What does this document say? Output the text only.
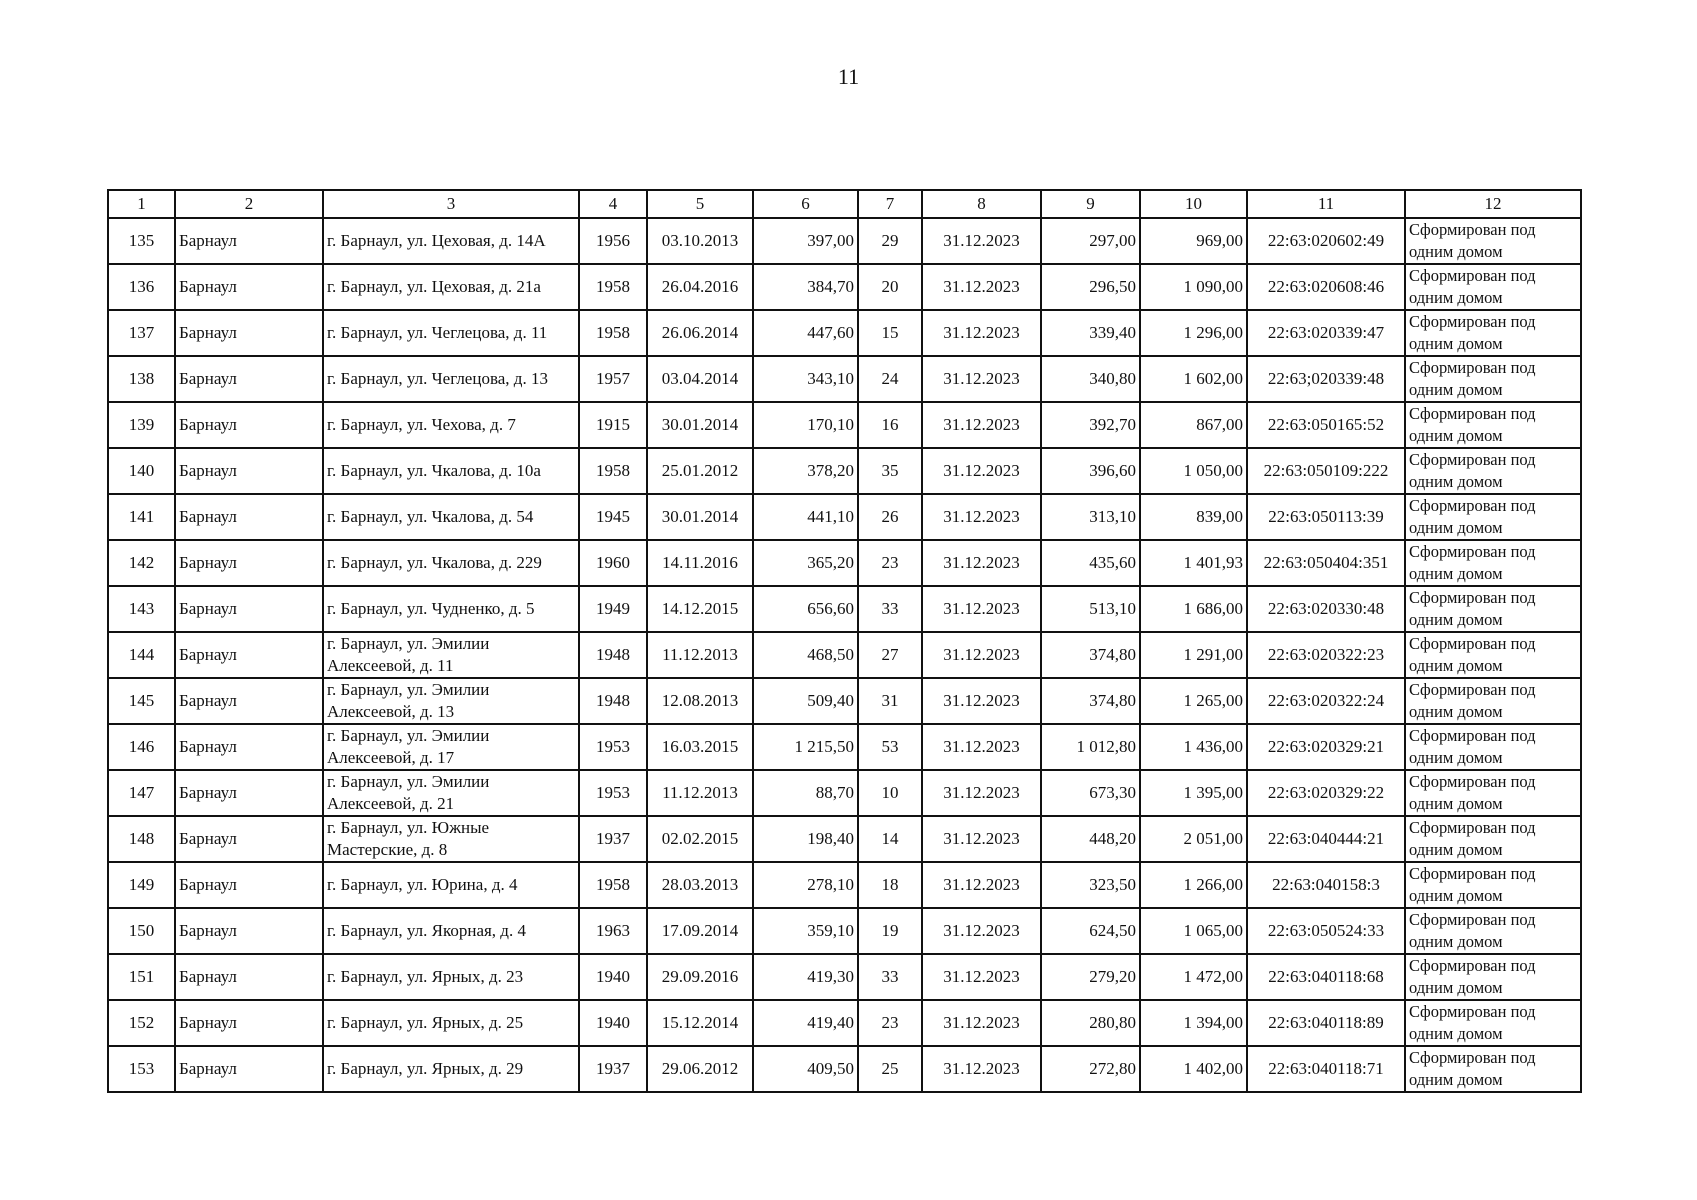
11
1	2	3	4	5	6	7	8	9	10	11	12
135	Барнаул	г. Барнаул, ул. Цеховая, д. 14А	1956	03.10.2013	397,00	29	31.12.2023	297,00	969,00	22:63:020602:49	Сформирован под одним домом
136	Барнаул	г. Барнаул, ул. Цеховая, д. 21а	1958	26.04.2016	384,70	20	31.12.2023	296,50	1 090,00	22:63:020608:46	Сформирован под одним домом
137	Барнаул	г. Барнаул, ул. Чеглецова, д. 11	1958	26.06.2014	447,60	15	31.12.2023	339,40	1 296,00	22:63:020339:47	Сформирован под одним домом
138	Барнаул	г. Барнаул, ул. Чеглецова, д. 13	1957	03.04.2014	343,10	24	31.12.2023	340,80	1 602,00	22:63;020339:48	Сформирован под одним домом
139	Барнаул	г. Барнаул, ул. Чехова, д. 7	1915	30.01.2014	170,10	16	31.12.2023	392,70	867,00	22:63:050165:52	Сформирован под одним домом
140	Барнаул	г. Барнаул, ул. Чкалова, д. 10а	1958	25.01.2012	378,20	35	31.12.2023	396,60	1 050,00	22:63:050109:222	Сформирован под одним домом
141	Барнаул	г. Барнаул, ул. Чкалова, д. 54	1945	30.01.2014	441,10	26	31.12.2023	313,10	839,00	22:63:050113:39	Сформирован под одним домом
142	Барнаул	г. Барнаул, ул. Чкалова, д. 229	1960	14.11.2016	365,20	23	31.12.2023	435,60	1 401,93	22:63:050404:351	Сформирован под одним домом
143	Барнаул	г. Барнаул, ул. Чудненко, д. 5	1949	14.12.2015	656,60	33	31.12.2023	513,10	1 686,00	22:63:020330:48	Сформирован под одним домом
144	Барнаул	г. Барнаул, ул. Эмилии Алексеевой, д. 11	1948	11.12.2013	468,50	27	31.12.2023	374,80	1 291,00	22:63:020322:23	Сформирован под одним домом
145	Барнаул	г. Барнаул, ул. Эмилии Алексеевой, д. 13	1948	12.08.2013	509,40	31	31.12.2023	374,80	1 265,00	22:63:020322:24	Сформирован под одним домом
146	Барнаул	г. Барнаул, ул. Эмилии Алексеевой, д. 17	1953	16.03.2015	1 215,50	53	31.12.2023	1 012,80	1 436,00	22:63:020329:21	Сформирован под одним домом
147	Барнаул	г. Барнаул, ул. Эмилии Алексеевой, д. 21	1953	11.12.2013	88,70	10	31.12.2023	673,30	1 395,00	22:63:020329:22	Сформирован под одним домом
148	Барнаул	г. Барнаул, ул. Южные Мастерские, д. 8	1937	02.02.2015	198,40	14	31.12.2023	448,20	2 051,00	22:63:040444:21	Сформирован под одним домом
149	Барнаул	г. Барнаул, ул. Юрина, д. 4	1958	28.03.2013	278,10	18	31.12.2023	323,50	1 266,00	22:63:040158:3	Сформирован под одним домом
150	Барнаул	г. Барнаул, ул. Якорная, д. 4	1963	17.09.2014	359,10	19	31.12.2023	624,50	1 065,00	22:63:050524:33	Сформирован под одним домом
151	Барнаул	г. Барнаул, ул. Ярных, д. 23	1940	29.09.2016	419,30	33	31.12.2023	279,20	1 472,00	22:63:040118:68	Сформирован под одним домом
152	Барнаул	г. Барнаул, ул. Ярных, д. 25	1940	15.12.2014	419,40	23	31.12.2023	280,80	1 394,00	22:63:040118:89	Сформирован под одним домом
153	Барнаул	г. Барнаул, ул. Ярных, д. 29	1937	29.06.2012	409,50	25	31.12.2023	272,80	1 402,00	22:63:040118:71	Сформирован под одним домом
